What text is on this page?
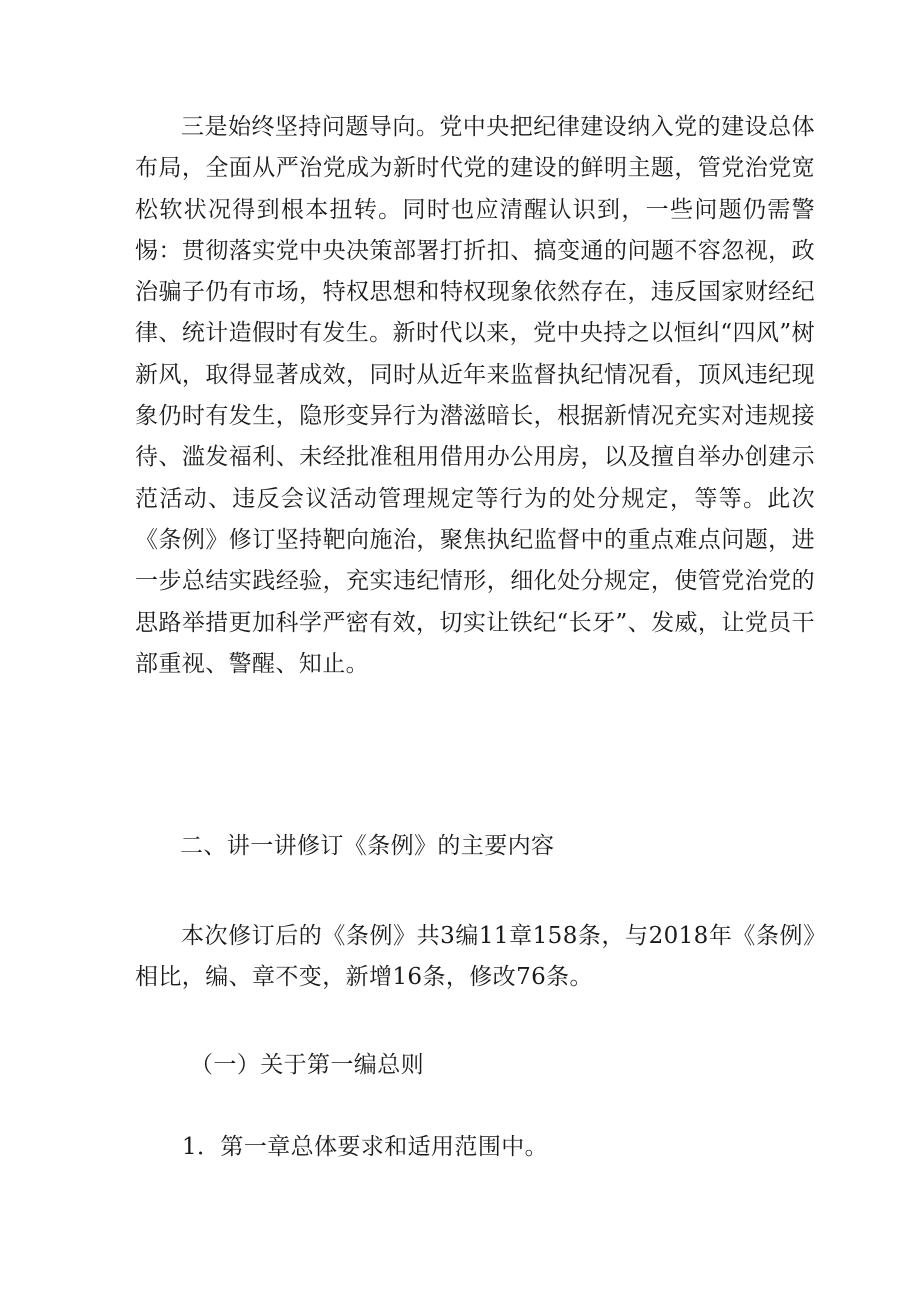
三是始终坚持问题导向。党中央把纪律建设纳入党的建设总体布局，全面从严治党成为新时代党的建设的鲜明主题，管党治党宽松软状况得到根本扭转。同时也应清醒认识到，一些问题仍需警惕：贯彻落实党中央决策部署打折扣、搞变通的问题不容忽视，政治骗子仍有市场，特权思想和特权现象依然存在，违反国家财经纪律、统计造假时有发生。新时代以来，党中央持之以恒纠“四风”树新风，取得显著成效，同时从近年来监督执纪情况看，顶风违纪现象仍时有发生，隐形变异行为潜滋暗长，根据新情况充实对违规接待、滥发福利、未经批准租用借用办公用房，以及擅自举办创建示范活动、违反会议活动管理规定等行为的处分规定，等等。此次《条例》修订坚持靶向施治，聚焦执纪监督中的重点难点问题，进一步总结实践经验，充实违纪情形，细化处分规定，使管党治党的思路举措更加科学严密有效，切实让铁纪“长牙”、发威，让党员干部重视、警醒、知止。

二、讲一讲修订《条例》的主要内容

本次修订后的《条例》共3编11章158条，与2018年《条例》相比，编、章不变，新增16条，修改76条。

（一）关于第一编总则

1．第一章总体要求和适用范围中。
